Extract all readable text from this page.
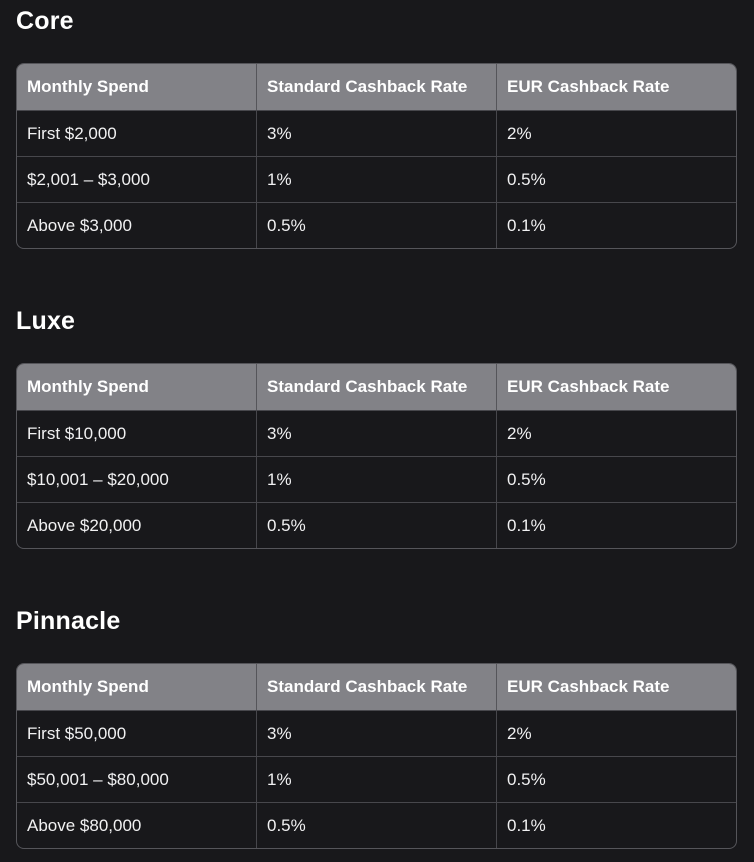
Core
Monthly Spend	Standard Cashback Rate	EUR Cashback Rate
First $2,000	3%	2%
$2,001 – $3,000	1%	0.5%
Above $3,000	0.5%	0.1%
Luxe
Monthly Spend	Standard Cashback Rate	EUR Cashback Rate
First $10,000	3%	2%
$10,001 – $20,000	1%	0.5%
Above $20,000	0.5%	0.1%
Pinnacle
Monthly Spend	Standard Cashback Rate	EUR Cashback Rate
First $50,000	3%	2%
$50,001 – $80,000	1%	0.5%
Above $80,000	0.5%	0.1%
